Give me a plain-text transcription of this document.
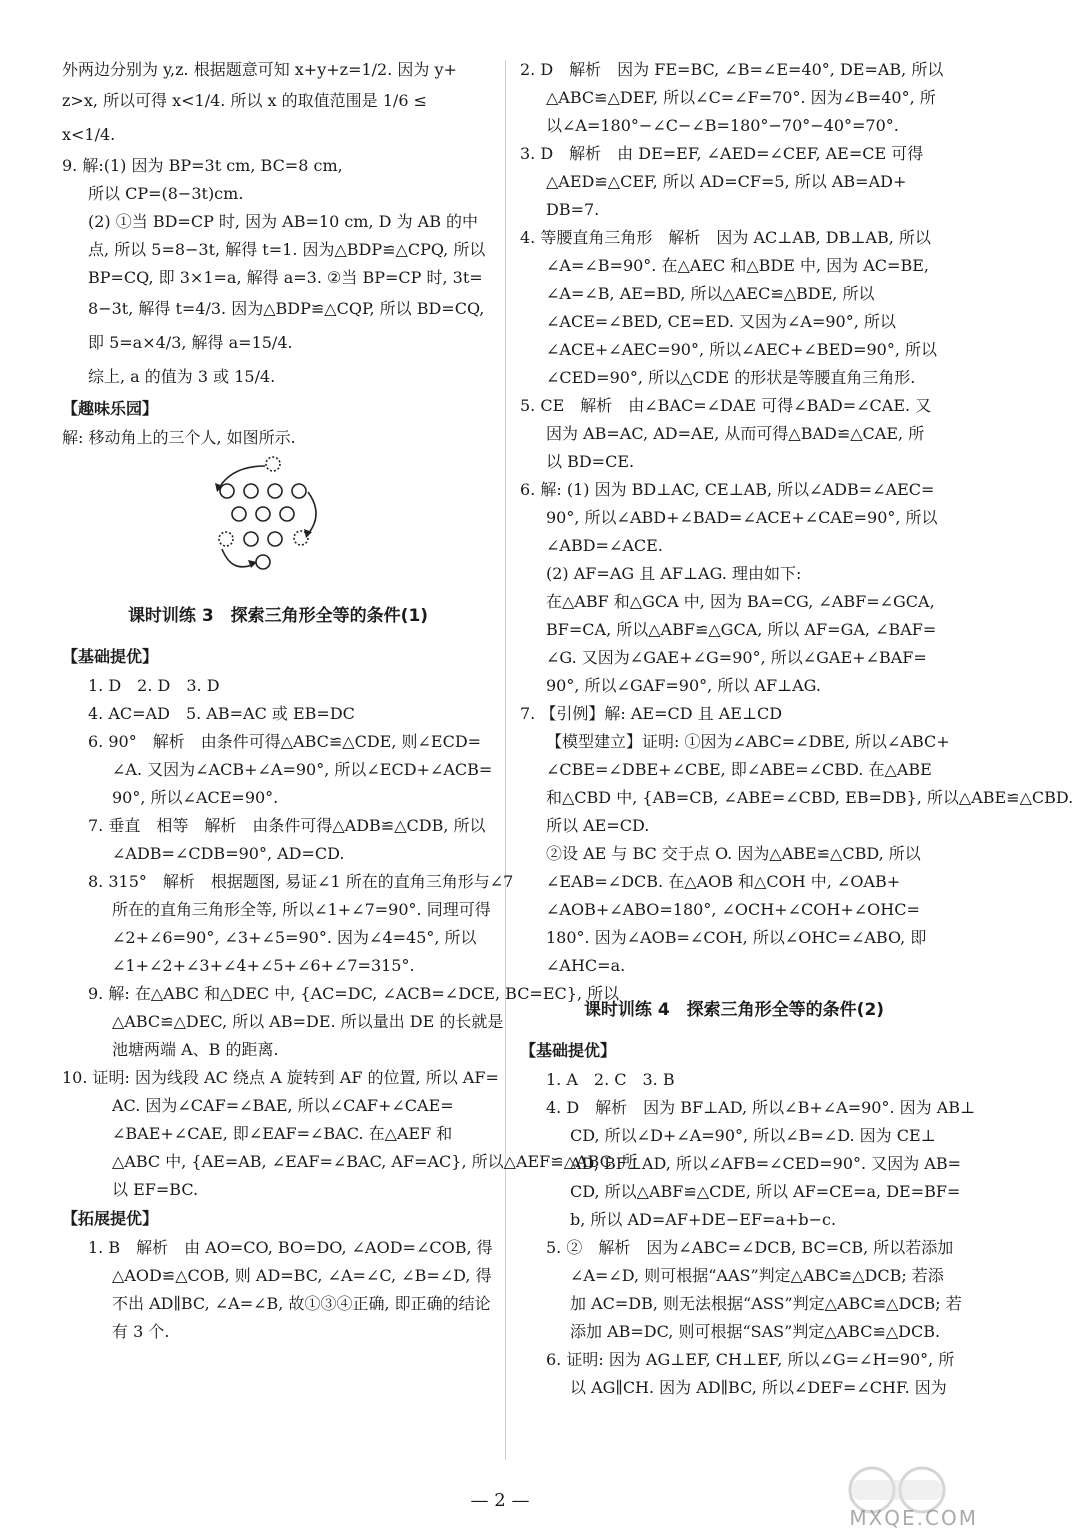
外两边分别为 y,z. 根据题意可知 x+y+z=1/2. 因为 y+
z>x, 所以可得 x<1/4. 所以 x 的取值范围是 1/6 ≤
x<1/4.
9. 解:(1) 因为 BP=3t cm, BC=8 cm,
所以 CP=(8−3t)cm.
(2) ①当 BD=CP 时, 因为 AB=10 cm, D 为 AB 的中
点, 所以 5=8−3t, 解得 t=1. 因为△BDP≌△CPQ, 所以
BP=CQ, 即 3×1=a, 解得 a=3. ②当 BP=CP 时, 3t=
8−3t, 解得 t=4/3. 因为△BDP≌△CQP, 所以 BD=CQ,
即 5=a×4/3, 解得 a=15/4.
综上, a 的值为 3 或 15/4.
【趣味乐园】
解: 移动角上的三个人, 如图所示.
课时训练 3　探索三角形全等的条件(1)
【基础提优】
1. D　2. D　3. D
4. AC=AD　5. AB=AC 或 EB=DC
6. 90°　解析　由条件可得△ABC≌△CDE, 则∠ECD=
∠A. 又因为∠ACB+∠A=90°, 所以∠ECD+∠ACB=
90°, 所以∠ACE=90°.
7. 垂直　相等　解析　由条件可得△ADB≌△CDB, 所以
∠ADB=∠CDB=90°, AD=CD.
8. 315°　解析　根据题图, 易证∠1 所在的直角三角形与∠7
所在的直角三角形全等, 所以∠1+∠7=90°. 同理可得
∠2+∠6=90°, ∠3+∠5=90°. 因为∠4=45°, 所以
∠1+∠2+∠3+∠4+∠5+∠6+∠7=315°.
9. 解: 在△ABC 和△DEC 中, {AC=DC, ∠ACB=∠DCE, BC=EC}, 所以
△ABC≌△DEC, 所以 AB=DE. 所以量出 DE 的长就是
池塘两端 A、B 的距离.
10. 证明: 因为线段 AC 绕点 A 旋转到 AF 的位置, 所以 AF=
AC. 因为∠CAF=∠BAE, 所以∠CAF+∠CAE=
∠BAE+∠CAE, 即∠EAF=∠BAC. 在△AEF 和
△ABC 中, {AE=AB, ∠EAF=∠BAC, AF=AC}, 所以△AEF≌△ABC. 所
以 EF=BC.
【拓展提优】
1. B　解析　由 AO=CO, BO=DO, ∠AOD=∠COB, 得
△AOD≌△COB, 则 AD=BC, ∠A=∠C, ∠B=∠D, 得
不出 AD∥BC, ∠A=∠B, 故①③④正确, 即正确的结论
有 3 个.
2. D　解析　因为 FE=BC, ∠B=∠E=40°, DE=AB, 所以
△ABC≌△DEF, 所以∠C=∠F=70°. 因为∠B=40°, 所
以∠A=180°−∠C−∠B=180°−70°−40°=70°.
3. D　解析　由 DE=EF, ∠AED=∠CEF, AE=CE 可得
△AED≌△CEF, 所以 AD=CF=5, 所以 AB=AD+
DB=7.
4. 等腰直角三角形　解析　因为 AC⊥AB, DB⊥AB, 所以
∠A=∠B=90°. 在△AEC 和△BDE 中, 因为 AC=BE,
∠A=∠B, AE=BD, 所以△AEC≌△BDE, 所以
∠ACE=∠BED, CE=ED. 又因为∠A=90°, 所以
∠ACE+∠AEC=90°, 所以∠AEC+∠BED=90°, 所以
∠CED=90°, 所以△CDE 的形状是等腰直角三角形.
5. CE　解析　由∠BAC=∠DAE 可得∠BAD=∠CAE. 又
因为 AB=AC, AD=AE, 从而可得△BAD≌△CAE, 所
以 BD=CE.
6. 解: (1) 因为 BD⊥AC, CE⊥AB, 所以∠ADB=∠AEC=
90°, 所以∠ABD+∠BAD=∠ACE+∠CAE=90°, 所以
∠ABD=∠ACE.
(2) AF=AG 且 AF⊥AG. 理由如下:
在△ABF 和△GCA 中, 因为 BA=CG, ∠ABF=∠GCA,
BF=CA, 所以△ABF≌△GCA, 所以 AF=GA, ∠BAF=
∠G. 又因为∠GAE+∠G=90°, 所以∠GAE+∠BAF=
90°, 所以∠GAF=90°, 所以 AF⊥AG.
7. 【引例】解: AE=CD 且 AE⊥CD
【模型建立】证明: ①因为∠ABC=∠DBE, 所以∠ABC+
∠CBE=∠DBE+∠CBE, 即∠ABE=∠CBD. 在△ABE
和△CBD 中, {AB=CB, ∠ABE=∠CBD, EB=DB}, 所以△ABE≌△CBD.
所以 AE=CD.
②设 AE 与 BC 交于点 O. 因为△ABE≌△CBD, 所以
∠EAB=∠DCB. 在△AOB 和△COH 中, ∠OAB+
∠AOB+∠ABO=180°, ∠OCH+∠COH+∠OHC=
180°. 因为∠AOB=∠COH, 所以∠OHC=∠ABO, 即
∠AHC=a.
课时训练 4　探索三角形全等的条件(2)
【基础提优】
1. A　2. C　3. B
4. D　解析　因为 BF⊥AD, 所以∠B+∠A=90°. 因为 AB⊥
CD, 所以∠D+∠A=90°, 所以∠B=∠D. 因为 CE⊥
AD, BF⊥AD, 所以∠AFB=∠CED=90°. 又因为 AB=
CD, 所以△ABF≌△CDE, 所以 AF=CE=a, DE=BF=
b, 所以 AD=AF+DE−EF=a+b−c.
5. ②　解析　因为∠ABC=∠DCB, BC=CB, 所以若添加
∠A=∠D, 则可根据“AAS”判定△ABC≌△DCB; 若添
加 AC=DB, 则无法根据“ASS”判定△ABC≌△DCB; 若
添加 AB=DC, 则可根据“SAS”判定△ABC≌△DCB.
6. 证明: 因为 AG⊥EF, CH⊥EF, 所以∠G=∠H=90°, 所
以 AG∥CH. 因为 AD∥BC, 所以∠DEF=∠CHF. 因为
— 2 —
MXQE.COM
